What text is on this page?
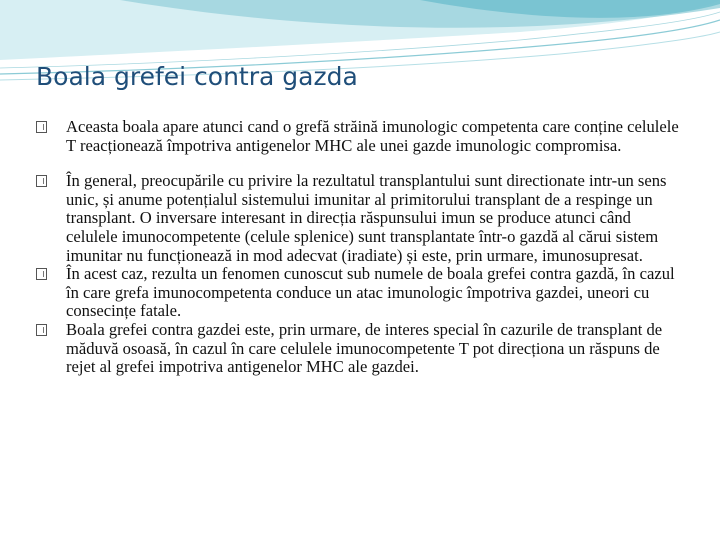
Boala grefei contra gazda

Aceasta boala apare atunci cand o grefă străină imunologic competenta care conține celulele T reacționează împotriva antigenelor MHC ale unei gazde imunologic compromisa.

În general, preocupările cu privire la rezultatul transplantului sunt directionate intr-un sens unic, și anume potențialul sistemului imunitar al primitorului transplant de a respinge un transplant. O inversare interesant in direcția răspunsului imun se produce atunci când celulele imunocompetente (celule splenice) sunt transplantate într-o gazdă al cărui sistem imunitar nu funcționează in mod adecvat (iradiate) și este, prin urmare, imunosupresat.

În acest caz, rezulta un fenomen cunoscut sub numele de boala grefei contra gazdă, în cazul în care grefa imunocompetenta conduce un atac imunologic împotriva gazdei, uneori cu consecințe fatale.

Boala grefei contra gazdei este, prin urmare, de interes special în cazurile de transplant de măduvă osoasă, în cazul în care celulele imunocompetente T pot direcționa un răspuns de rejet al grefei impotriva antigenelor MHC ale gazdei.
